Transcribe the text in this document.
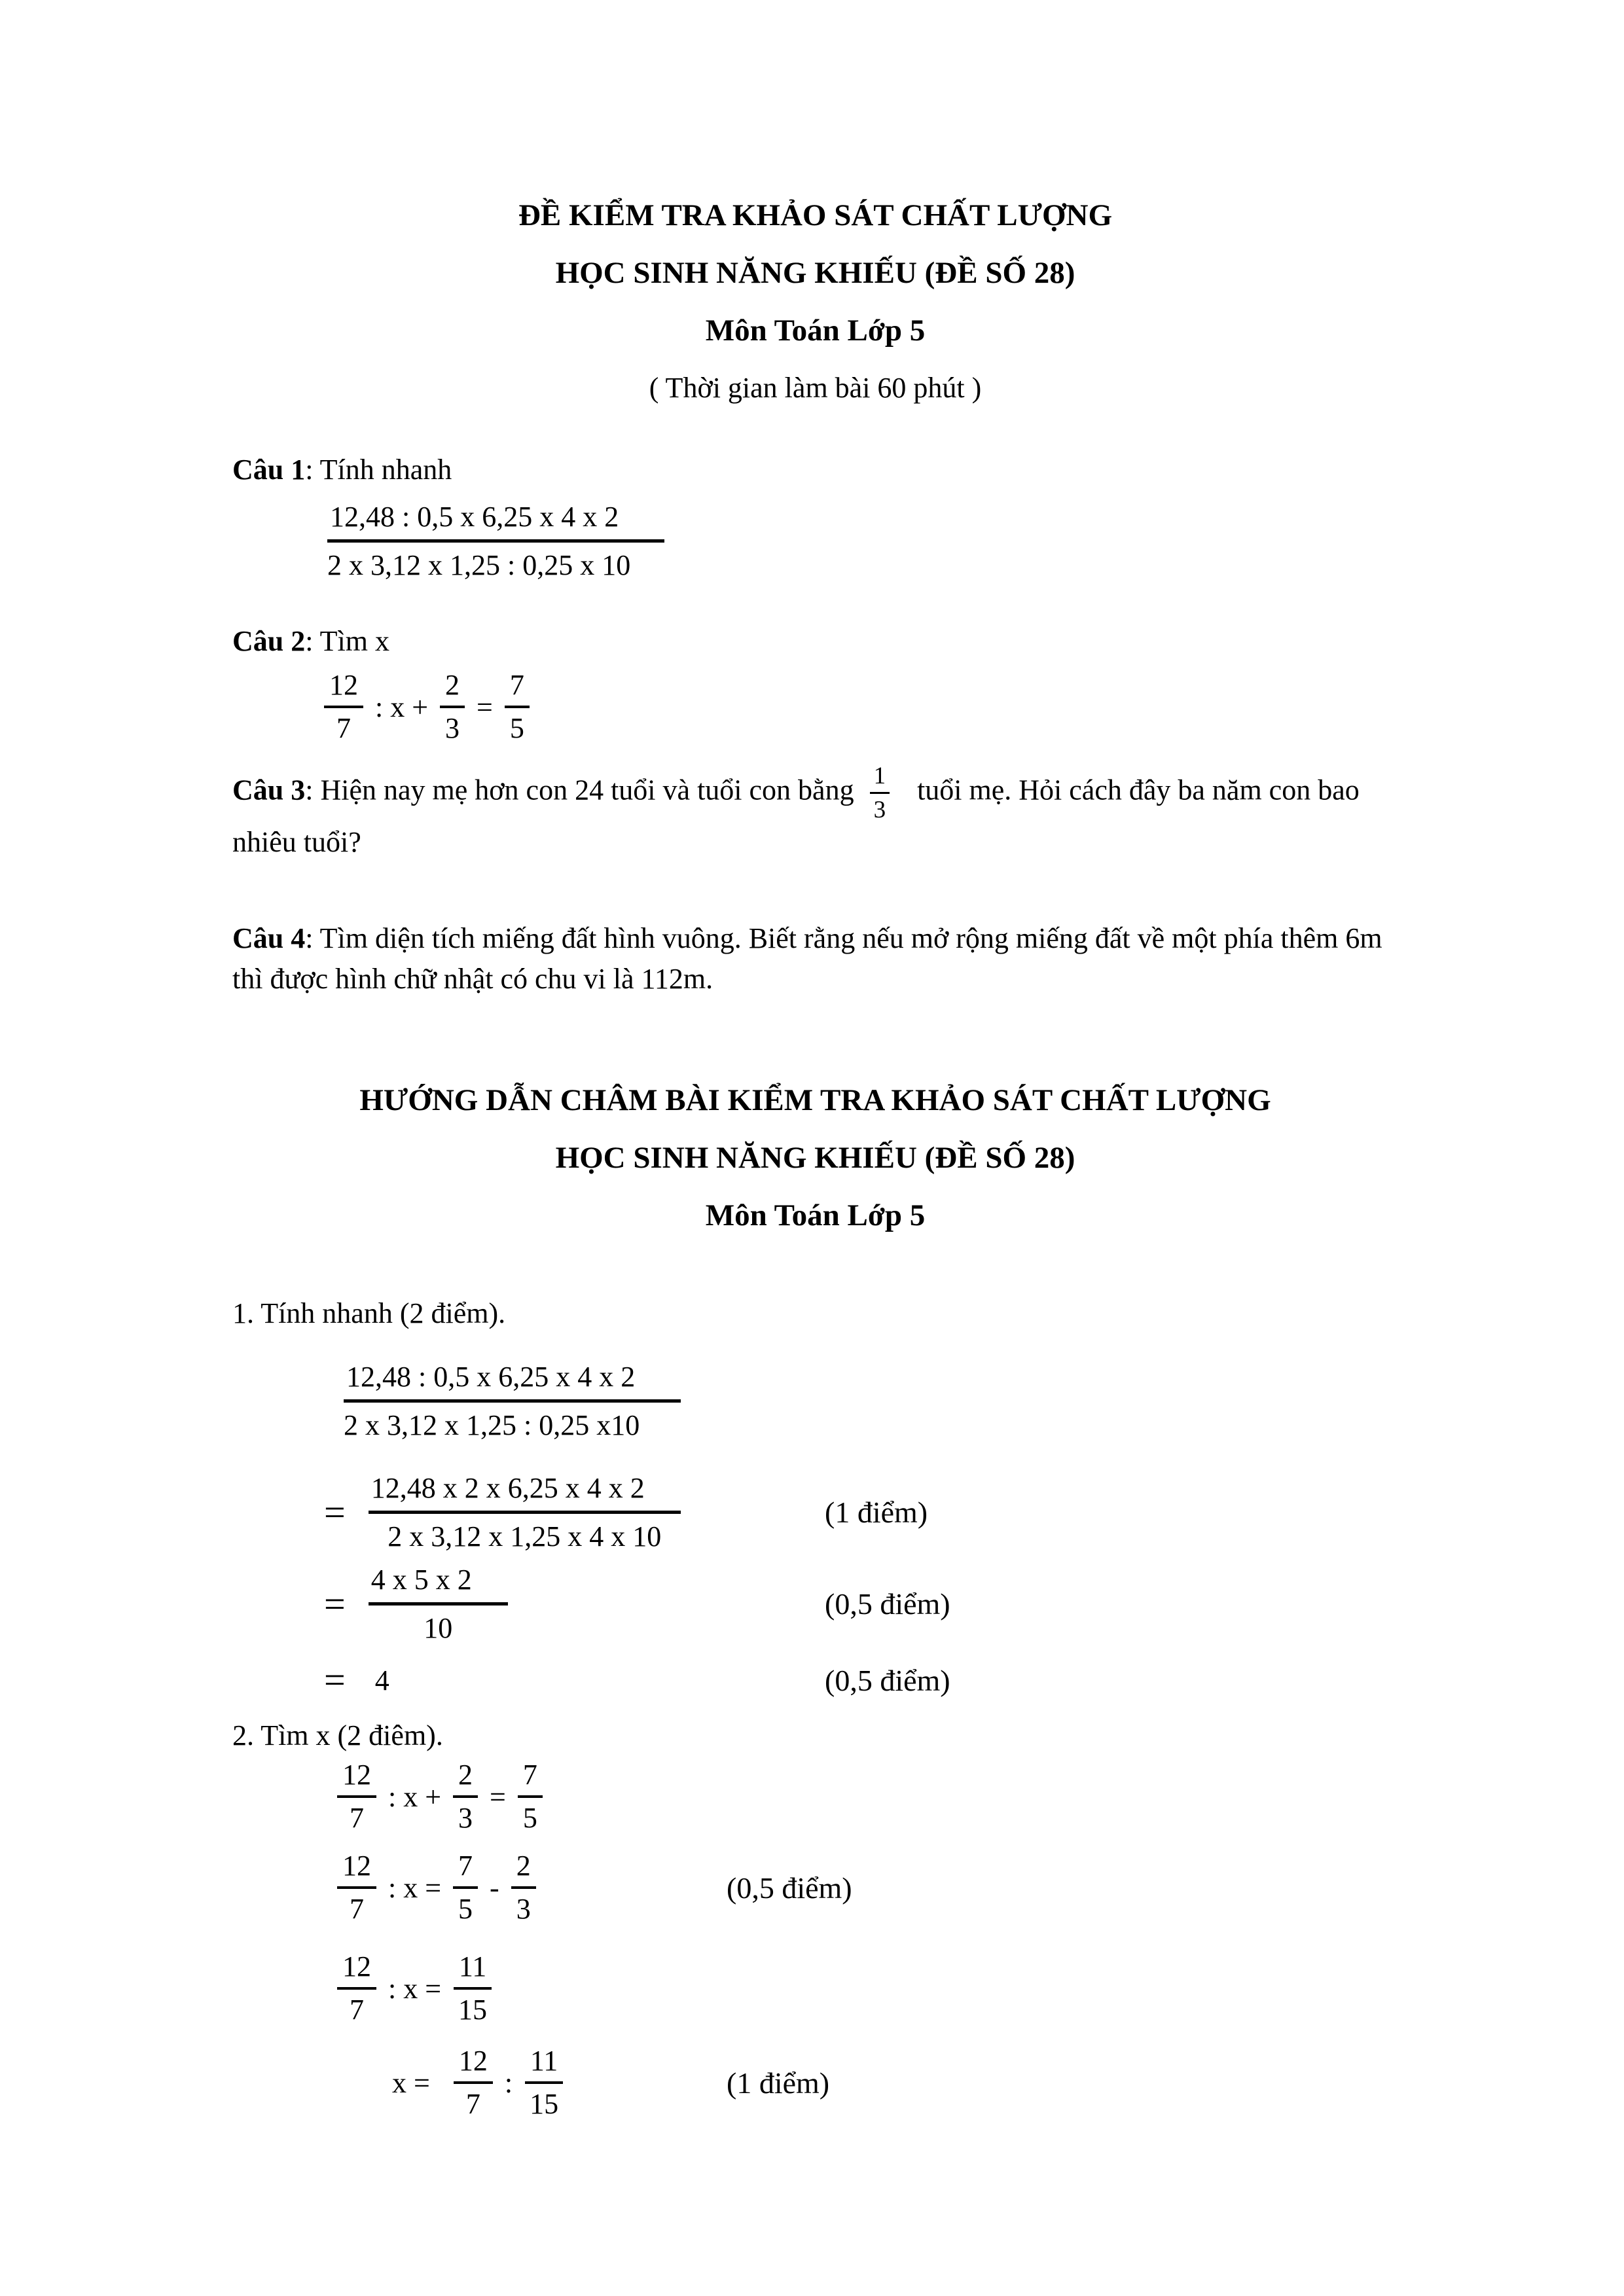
ĐỀ KIỂM TRA KHẢO SÁT CHẤT LƯỢNG
HỌC SINH NĂNG KHIẾU (ĐỀ SỐ 28)
Môn Toán Lớp 5
( Thời gian làm bài 60 phút )

Câu 1: Tính nhanh

$\frac{12,48 : 0,5 x 6,25 x 4 x 2}{2 x 3,12 x 1,25 : 0,25 x 10}$

Câu 2: Tìm x

$\frac{12}{7}$ : $x + \frac{2}{3} = \frac{7}{5}$

Câu 3: Hiện nay mẹ hơn con 24 tuổi và tuổi con bằng $\frac{1}{3}$ tuổi mẹ. Hỏi cách đây ba năm con bao nhiêu tuổi?

Câu 4: Tìm diện tích miếng đất hình vuông. Biết rằng nếu mở rộng miếng đất về một phía thêm 6m thì được hình chữ nhật có chu vi là 112m.

HƯỚNG DẪN CHÂM BÀI KIỂM TRA KHẢO SÁT CHẤT LƯỢNG
HỌC SINH NĂNG KHIẾU (ĐỀ SỐ 28)
Môn Toán Lớp 5

1. Tính nhanh (2 điểm).

$\frac{12,48 : 0,5 x 6,25 x 4 x 2}{2 x 3,12 x 1,25 : 0,25 x10}$
= $\frac{12,48 x 2 x 6,25 x 4 x 2}{2 x 3,12 x 1,25 x 4 x 10}$	(1 điểm)
= $\frac{4 x 5 x 2}{10}$	(0,5 điểm)
= 4	(0,5 điểm)

2. Tìm x (2 điêm).

$\frac{12}{7}$ : $x + \frac{2}{3} = \frac{7}{5}$
$\frac{12}{7}$ : $x = \frac{7}{5} - \frac{2}{3}$	(0,5 điểm)
$\frac{12}{7}$ : $x = \frac{11}{15}$
$x = \frac{12}{7}$ : $\frac{11}{15}$	(1 điểm)
